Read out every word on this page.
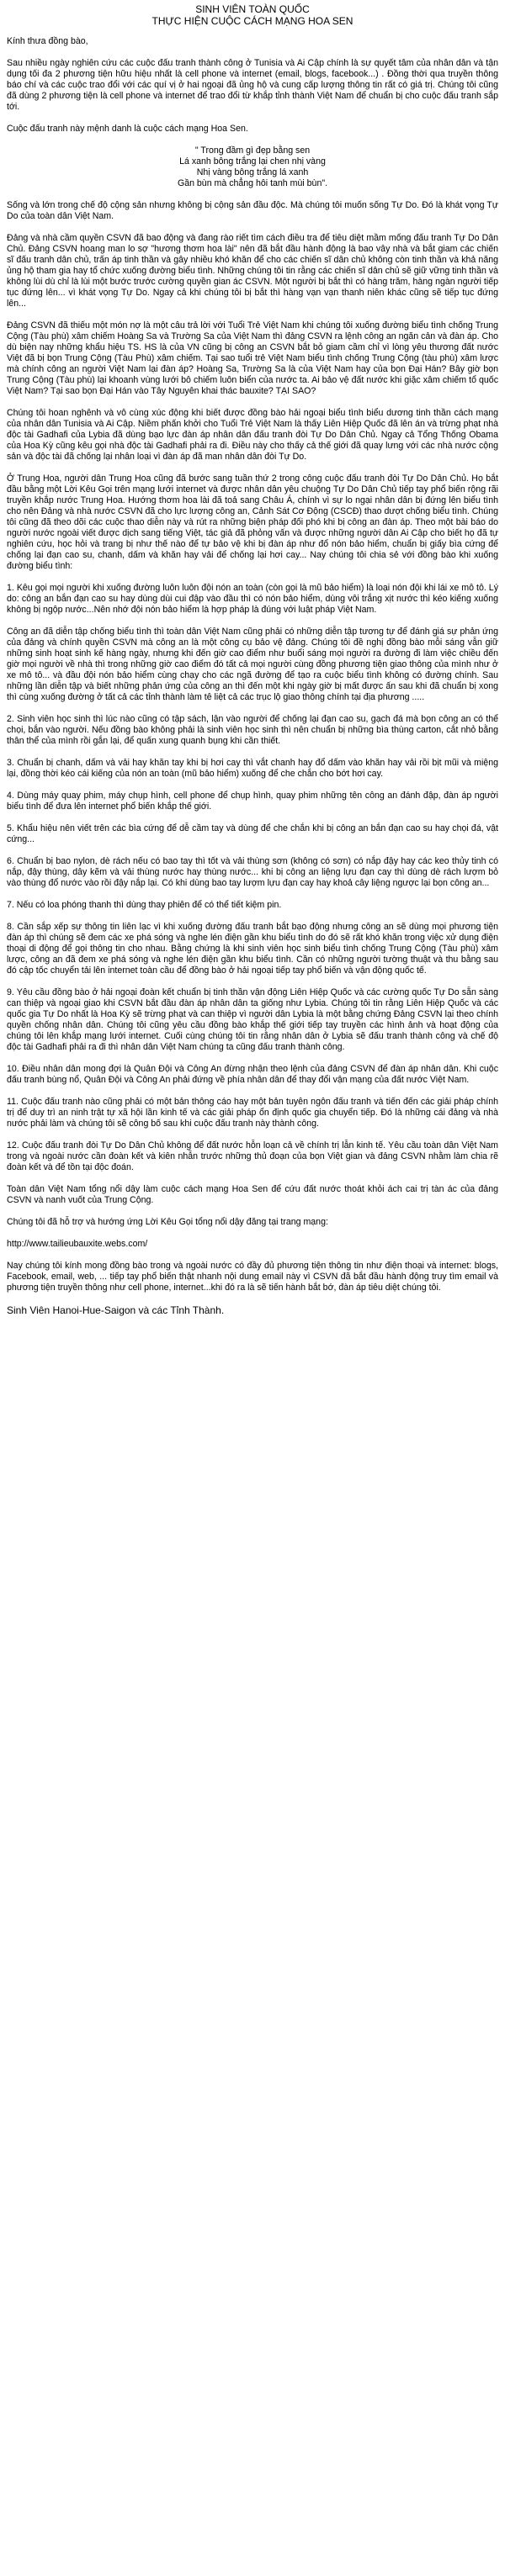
SINH VIÊN TOÀN QUỐC
THỰC HIỆN CUỘC CÁCH MẠNG HOA SEN

Kính thưa đồng bào,

Sau nhiều ngày nghiên cứu các cuộc đấu tranh thành công ở Tunisia và Ai Cập chính là sự quyết tâm của nhân dân và tận dụng tối đa 2 phương tiện hữu hiệu nhất là cell phone và internet (email, blogs, facebook...) . Đồng thời qua truyền thông báo chí và các cuộc trao đổi với các quí vị ở hai ngoại đã ủng hộ và cung cấp lượng thông tin rất có giá trị. Chúng tôi cũng đã dùng 2 phương tiện là cell phone và internet để trao đổi từ khắp tỉnh thành Việt Nam để chuẩn bị cho cuộc đấu tranh sắp tới.

Cuộc đấu tranh này mệnh danh là cuộc cách mạng Hoa Sen.

" Trong đầm gì đẹp bằng sen
Lá xanh bông trắng lại chen nhị vàng
Nhị vàng bông trắng lá xanh
Gần bùn mà chẳng hôi tanh mùi bùn".

Sống và lớn trong chế độ cộng sản nhưng không bị cộng sản đầu độc. Mà chúng tôi muốn sống Tự Do. Đó là khát vọng Tự Do của toàn dân Việt Nam.

Đảng và nhà cầm quyền CSVN đã bao động và đang rào riết tìm cách điều tra để tiêu diệt mầm mống đấu tranh Tự Do Dân Chủ. Đảng CSVN hoang man lo sợ "hương thơm hoa lài" nên đã bắt đầu hành động là bao vây nhà và bắt giam các chiến sĩ đấu tranh dân chủ, trấn áp tinh thần và gây nhiều khó khăn để cho các chiến sĩ dân chủ không còn tinh thần và khả năng ủng hộ tham gia hay tổ chức xuống đường biểu tình. Những chúng tôi tin rằng các chiến sĩ dân chủ sẽ giữ vững tinh thần và không lùi dù chỉ là lùi một bước trước cường quyền gian ác CSVN. Một người bị bắt thì có hàng trăm, hàng ngàn người tiếp tục đứng lên... vì khát vọng Tự Do. Ngay cả khi chúng tôi bị bắt thì hàng vạn vạn thanh niên khác cũng sẽ tiếp tục đứng lên...

Đảng CSVN đã thiếu một món nợ là một câu trả lời với Tuổi Trẻ Việt Nam khi chúng tôi xuống đường biểu tình chống Trung Cộng (Tàu phù) xâm chiếm Hoàng Sa và Trường Sa của Việt Nam thì đảng CSVN ra lệnh công an ngăn cản và đàn áp. Cho dù biện nay những khẩu hiệu TS. HS là của VN cũng bị công an CSVN bắt bỏ giam cầm chỉ vì lòng yêu thương đất nước Việt đã bị bọn Trung Cộng (Tàu Phù) xâm chiếm. Tại sao tuổi trẻ Việt Nam biểu tình chống Trung Cộng (tàu phù) xâm lược mà chính công an người Việt Nam lại đàn áp? Hoàng Sa, Trường Sa là của Việt Nam hay của bọn Đại Hán? Bây giờ bọn Trung Cộng (Tàu phù) lại khoanh vùng lưới bô chiếm luôn biển của nước ta. Ai bảo vệ đất nước khi giặc xâm chiếm tổ quốc Việt Nam? Tại sao bọn Đại Hán vào Tây Nguyên khai thác bauxite? TẠI SAO?

Chúng tôi hoan nghênh và vô cùng xúc động khi biết được đồng bào hải ngoại biểu tình biểu dương tinh thần cách mạng của nhân dân Tunisia và Ai Cập. Niềm phấn khởi cho Tuổi Trẻ Việt Nam là thấy Liên Hiệp Quốc đã lên án và trừng phạt nhà độc tài Gadhafi của Lybia đã dùng bạo lực đàn áp nhân dân đấu tranh đòi Tự Do Dân Chủ. Ngay cả Tổng Thống Obama của Hoa Kỳ cũng kêu gọi nhà độc tài Gadhafi phải ra đi. Điều này cho thấy cả thế giới đã quay lưng với các nhà nước cộng sản và độc tài đã chống lại nhân loại vì đàn áp đã man nhân dân đòi Tự Do.

Ở Trung Hoa, người dân Trung Hoa cũng đã bước sang tuần thứ 2 trong công cuộc đấu tranh đòi Tự Do Dân Chủ. Họ bắt đầu bằng một Lời Kêu Gọi trên mạng lưới internet và được nhân dân yêu chuộng Tự Do Dân Chủ tiếp tay phổ biến rộng rãi truyền khắp nước Trung Hoa. Hướng thơm hoa lài đã toả sang Châu Á, chính vì sự lo ngại nhân dân bị đứng lên biểu tình cho nên Đảng và nhà nước CSVN đã cho lực lượng công an, Cảnh Sát Cơ Động (CSCĐ) thao dượt chống biểu tình. Chúng tôi cũng đã theo dõi các cuộc thao diễn này và rút ra những biện pháp đối phó khi bị công an đàn áp. Theo một bài báo do người nước ngoài viết được dịch sang tiếng Việt, tác giả đã phỏng vấn và được những người dân Ai Cập cho biết họ đã tự nghiên cứu, học hỏi và trang bị như thế nào để tự bảo vệ khi bị đàn áp như đổ nón bảo hiểm, chuẩn bị giấy bìa cứng để chống lại đạn cao su, chanh, dấm và khăn hay vải để chống lại hơi cay... Nay chúng tôi chia sẻ với đồng bào khi xuống đường biểu tình:

1. Kêu gọi mọi người khi xuống đường luôn luôn đội nón an toàn (còn gọi là mũ bảo hiểm) là loại nón đội khi lái xe mô tô. Lý do: công an bắn đạn cao su hay dùng dùi cui đập vào đầu thì có nón bảo hiểm, dùng vôi trắng xịt nước thì kéo kiếng xuống không bị ngộp nước...Nên nhớ đội nón bảo hiểm là hợp pháp là đúng với luật pháp Việt Nam.

Công an đã diễn tập chống biểu tình thì toàn dân Việt Nam cũng phải có những diễn tập tương tự để đánh giá sự phản ứng của đảng và chính quyền CSVN mà công an là một công cụ bảo vệ đảng. Chúng tôi đề nghị đồng bào mỗi sáng vẫn giữ những sinh hoạt sinh kế hàng ngày, nhưng khi đến giờ cao điểm như buổi sáng mọi người ra đường đi làm việc chiều đến giờ mọi người về nhà thì trong những giờ cao điểm đó tất cả mọi người cùng đồng phương tiện giao thông của mình như ở xe mô tô... và đầu đội nón bảo hiểm cùng chạy cho các ngã đường để tạo ra cuộc biểu tình không có đường chính. Sau những lần diễn tập và biết những phản ứng của công an thì đến một khi ngày giờ bị mất được ấn sau khi đã chuẩn bị xong thì cùng xuống đường ở tất cả các tỉnh thành làm tê liệt cả các trục lộ giao thông chính tại địa phương .....

2. Sinh viên học sinh thì lúc nào cũng có tập sách, lận vào người để chống lại đạn cao su, gạch đá mà bọn công an có thể chọi, bắn vào người. Nếu đồng bào không phải là sinh viên học sinh thì nên chuẩn bị những bìa thùng carton, cắt nhỏ bằng thân thể của mình rồi gắn lại, để quấn xung quanh bụng khi cần thiết.

3. Chuẩn bị chanh, dấm và vải hay khăn tay khi bị hơi cay thì vắt chanh hay đổ dấm vào khăn hay vải rồi bịt mũi và miệng lại, đồng thời kéo cái kiếng của nón an toàn (mũ bảo hiểm) xuống để che chắn cho bớt hơi cay.

4. Dùng máy quay phim, máy chụp hình, cell phone để chụp hình, quay phim những tên công an đánh đập, đàn áp người biểu tình để đưa lên internet phổ biến khắp thế giới.

5. Khẩu hiệu nên viết trên các bìa cứng để dễ cầm tay và dùng để che chắn khi bị công an bắn đạn cao su hay chọi đá, vật cứng...

6. Chuẩn bị bao nylon, dè rách nếu có bao tay thì tốt và vải thùng sơn (không có sơn) có nắp đậy hay các keo thủy tinh có nắp, đậy thùng, dây kẽm và vải thùng nước hay thùng nước... khi bị công an liệng lựu đạn cay thì dùng dè rách lượm bỏ vào thùng đổ nước vào rồi đậy nắp lại. Có khi dùng bao tay lượm lựu đạn cay hay khoả cây liệng ngược lại bọn công an...

7. Nếu có loa phóng thanh thì dùng thay phiên để có thể tiết kiệm pin.

8. Cần sắp xếp sự thông tin liên lạc vì khi xuống đường đấu tranh bắt bạo động nhưng công an sẽ dùng mọi phương tiện đàn áp thì chúng sẽ đem các xe phá sóng và nghe lén điện gần khu biểu tình do đó sẽ rất khó khăn trong việc xử dụng điện thoại di động để gọi thông tin cho nhau. Bằng chứng là khi sinh viên học sinh biểu tình chống Trung Cộng (Tàu phù) xâm lược, công an đã đem xe phá sóng và nghe lén điện gần khu biểu tình. Cần có những người tường thuật và thu bằng sau đó cập tốc chuyển tải lên internet toàn cầu để đồng bào ở hải ngoại tiếp tay phổ biến và vận động quốc tế.

9. Yêu cầu đồng bào ở hải ngoại đoàn kết chuẩn bị tinh thần vận động Liên Hiệp Quốc và các cường quốc Tự Do sẵn sàng can thiệp và ngoại giao khi CSVN bắt đầu đàn áp nhân dân ta giống như Lybia. Chúng tôi tin rằng Liên Hiệp Quốc và các quốc gia Tự Do nhất là Hoa Kỳ sẽ trừng phạt và can thiệp vì người dân Lybia là một bằng chứng Đảng CSVN lại theo chính quyền chống nhân dân. Chúng tôi cũng yêu cầu đồng bào khắp thế giới tiếp tay truyền các hình ảnh và hoạt động của chúng tôi lên khắp mạng lưới internet. Cuối cùng chúng tôi tin rằng nhân dân ở Lybia sẽ đấu tranh thành công và chế độ độc tài Gadhafi phải ra đi thì nhân dân Việt Nam chúng ta cũng đấu tranh thành công.

10. Điều nhân dân mong đợi là Quân Đội và Công An đừng nhận theo lệnh của đảng CSVN để đàn áp nhân dân. Khi cuộc đấu tranh bùng nổ, Quân Đội và Công An phải đứng về phía nhân dân để thay đổi vận mạng của đất nước Việt Nam.

11. Cuộc đấu tranh nào cũng phải có một bản thông cáo hay một bản tuyên ngôn đấu tranh và tiến đến các giải pháp chính trị để duy trì an ninh trật tự xã hội lần kinh tế và các giải pháp ổn định quốc gia chuyển tiếp. Đó là những cái đảng và nhà nước phải làm và chúng tôi sẽ công bố sau khi cuộc đấu tranh này thành công.

12. Cuộc đấu tranh đòi Tự Do Dân Chủ không để đất nước hỗn loạn cả về chính trị lẫn kinh tế. Yêu cầu toàn dân Việt Nam trong và ngoài nước cần đoàn kết và kiên nhẫn trước những thủ đoạn của bọn Việt gian và đảng CSVN nhằm làm chia rẽ đoàn kết và để tồn tại độc đoán.

Toàn dân Việt Nam tổng nổi dậy làm cuộc cách mạng Hoa Sen để cứu đất nước thoát khỏi ách cai trị tàn ác của đảng CSVN và nanh vuốt của Trung Cộng.

Chúng tôi đã hỗ trợ và hướng ứng Lời Kêu Gọi tổng nổi dậy đăng tại trang mạng:

http://www.tailieubauxite.webs.com/

Nay chúng tôi kính mong đồng bào trong và ngoài nước có đầy đủ phương tiện thông tin như điện thoại và internet: blogs, Facebook, email, web, ... tiếp tay phổ biến thật nhanh nội dung email này vì CSVN đã bắt đầu hành động truy tìm email và phương tiện truyền thông như cell phone, internet...khi đó ra là sẽ tiến hành bắt bớ, đàn áp tiêu diệt chúng tôi.

Sinh Viên Hanoi-Hue-Saigon và các Tỉnh Thành.
